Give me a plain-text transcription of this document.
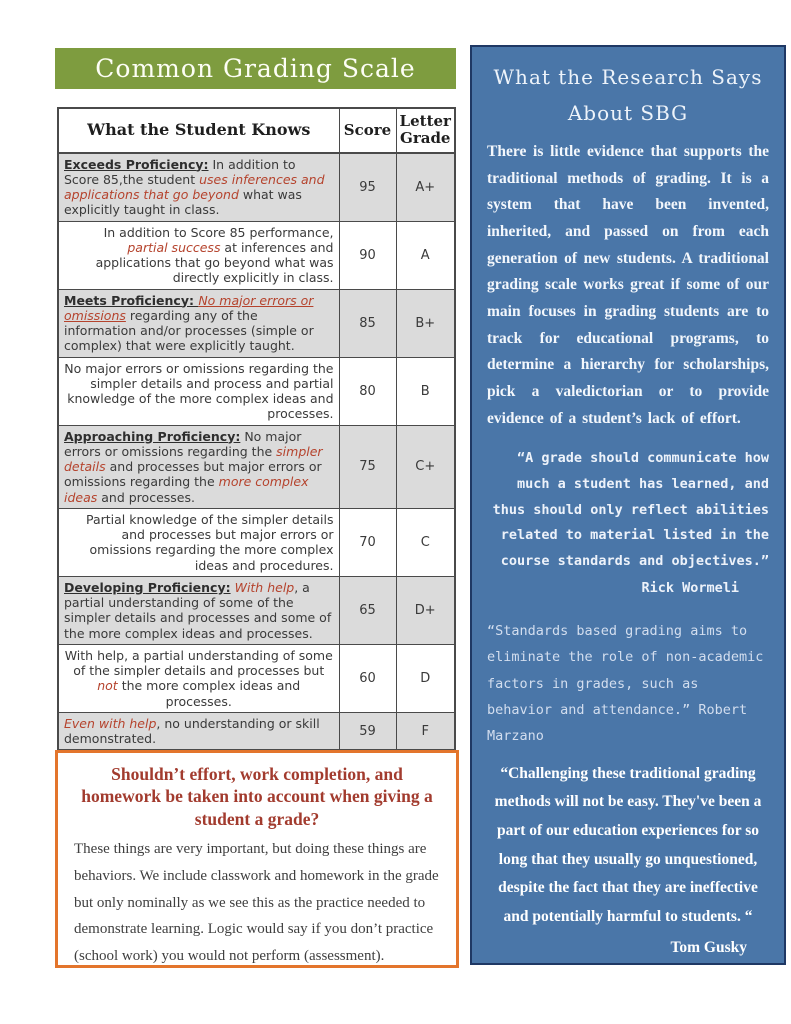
Common Grading Scale
What the Student Knows	Score	Letter Grade
Exceeds Proficiency: In addition to Score 85,the student uses inferences and applications that go beyond what was explicitly taught in class.	95	A+
In addition to Score 85 performance, partial success at inferences and applications that go beyond what was directly explicitly in class.	90	A
Meets Proficiency: No major errors or omissions regarding any of the information and/or processes (simple or complex) that were explicitly taught.	85	B+
No major errors or omissions regarding the simpler details and process and partial knowledge of the more complex ideas and processes.	80	B
Approaching Proficiency: No major errors or omissions regarding the simpler details and processes but major errors or omissions regarding the more complex ideas and processes.	75	C+
Partial knowledge of the simpler details and processes but major errors or omissions regarding the more complex ideas and procedures.	70	C
Developing Proficiency: With help, a partial understanding of some of the simpler details and processes and some of the more complex ideas and processes.	65	D+
With help, a partial understanding of some of the simpler details and processes but not the more complex ideas and processes.	60	D
Even with help, no understanding or skill demonstrated.	59	F
Shouldn’t effort, work completion, and homework be taken into account when giving a student a grade?
These things are very important, but doing these things are behaviors. We include classwork and homework in the grade but only nominally as we see this as the practice needed to demonstrate learning. Logic would say if you don’t practice (school work) you would not perform (assessment).
What the Research Says
About SBG
There is little evidence that supports the traditional methods of grading. It is a system that have been invented, inherited, and passed on from each generation of new students. A traditional grading scale works great if some of our main focuses in grading students are to track for educational programs, to determine a hierarchy for scholarships, pick a valedictorian or to provide evidence of a student’s lack of effort.
“A grade should communicate how much a student has learned, and thus should only reflect abilities related to material listed in the course standards and objectives.”
Rick Wormeli
“Standards based grading aims to eliminate the role of non-academic factors in grades, such as behavior and attendance.” Robert Marzano
“Challenging these traditional grading methods will not be easy. They've been a part of our education experiences for so long that they usually go unquestioned, despite the fact that they are ineffective and potentially harmful to students. “
Tom Gusky
